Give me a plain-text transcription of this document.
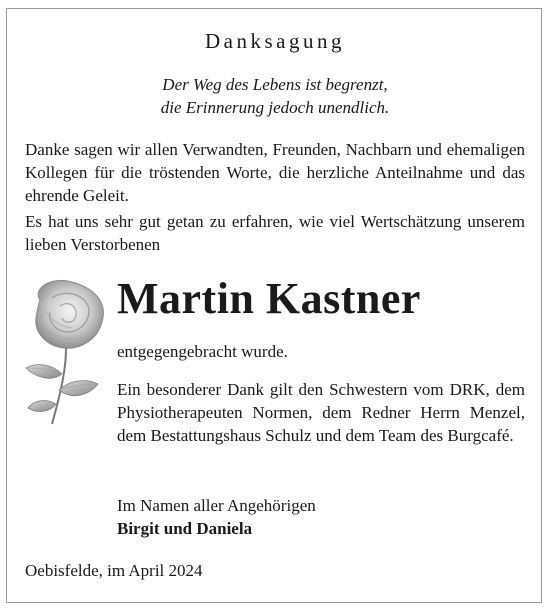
Danksagung
Der Weg des Lebens ist begrenzt,
die Erinnerung jedoch unendlich.
Danke sagen wir allen Verwandten, Freunden, Nachbarn und ehemaligen Kollegen für die tröstenden Worte, die herzliche Anteilnahme und das ehrende Geleit.
Es hat uns sehr gut getan zu erfahren, wie viel Wertschätzung unserem lieben Verstorbenen
Martin Kastner
entgegengebracht wurde.
Ein besonderer Dank gilt den Schwestern vom DRK, dem Physiotherapeuten Normen, dem Redner Herrn Menzel, dem Bestattungshaus Schulz und dem Team des Burgcafé.
Im Namen aller Angehörigen
Birgit und Daniela
Oebisfelde, im April 2024
